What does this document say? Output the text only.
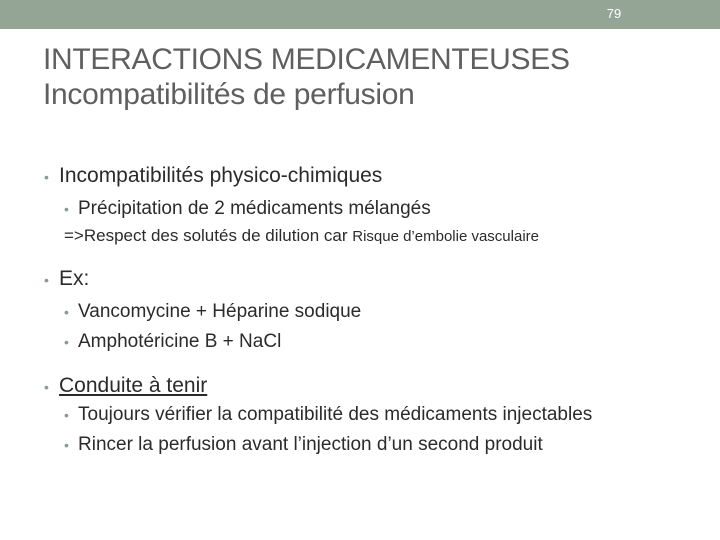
79
INTERACTIONS MEDICAMENTEUSES
Incompatibilités de perfusion
• Incompatibilités physico-chimiques
• Précipitation de 2 médicaments mélangés
=>Respect des solutés de dilution car Risque d’embolie vasculaire
• Ex:
• Vancomycine + Héparine sodique
• Amphotéricine B + NaCl
• Conduite à tenir
• Toujours vérifier la compatibilité des médicaments injectables
• Rincer la perfusion avant l’injection d’un second produit
